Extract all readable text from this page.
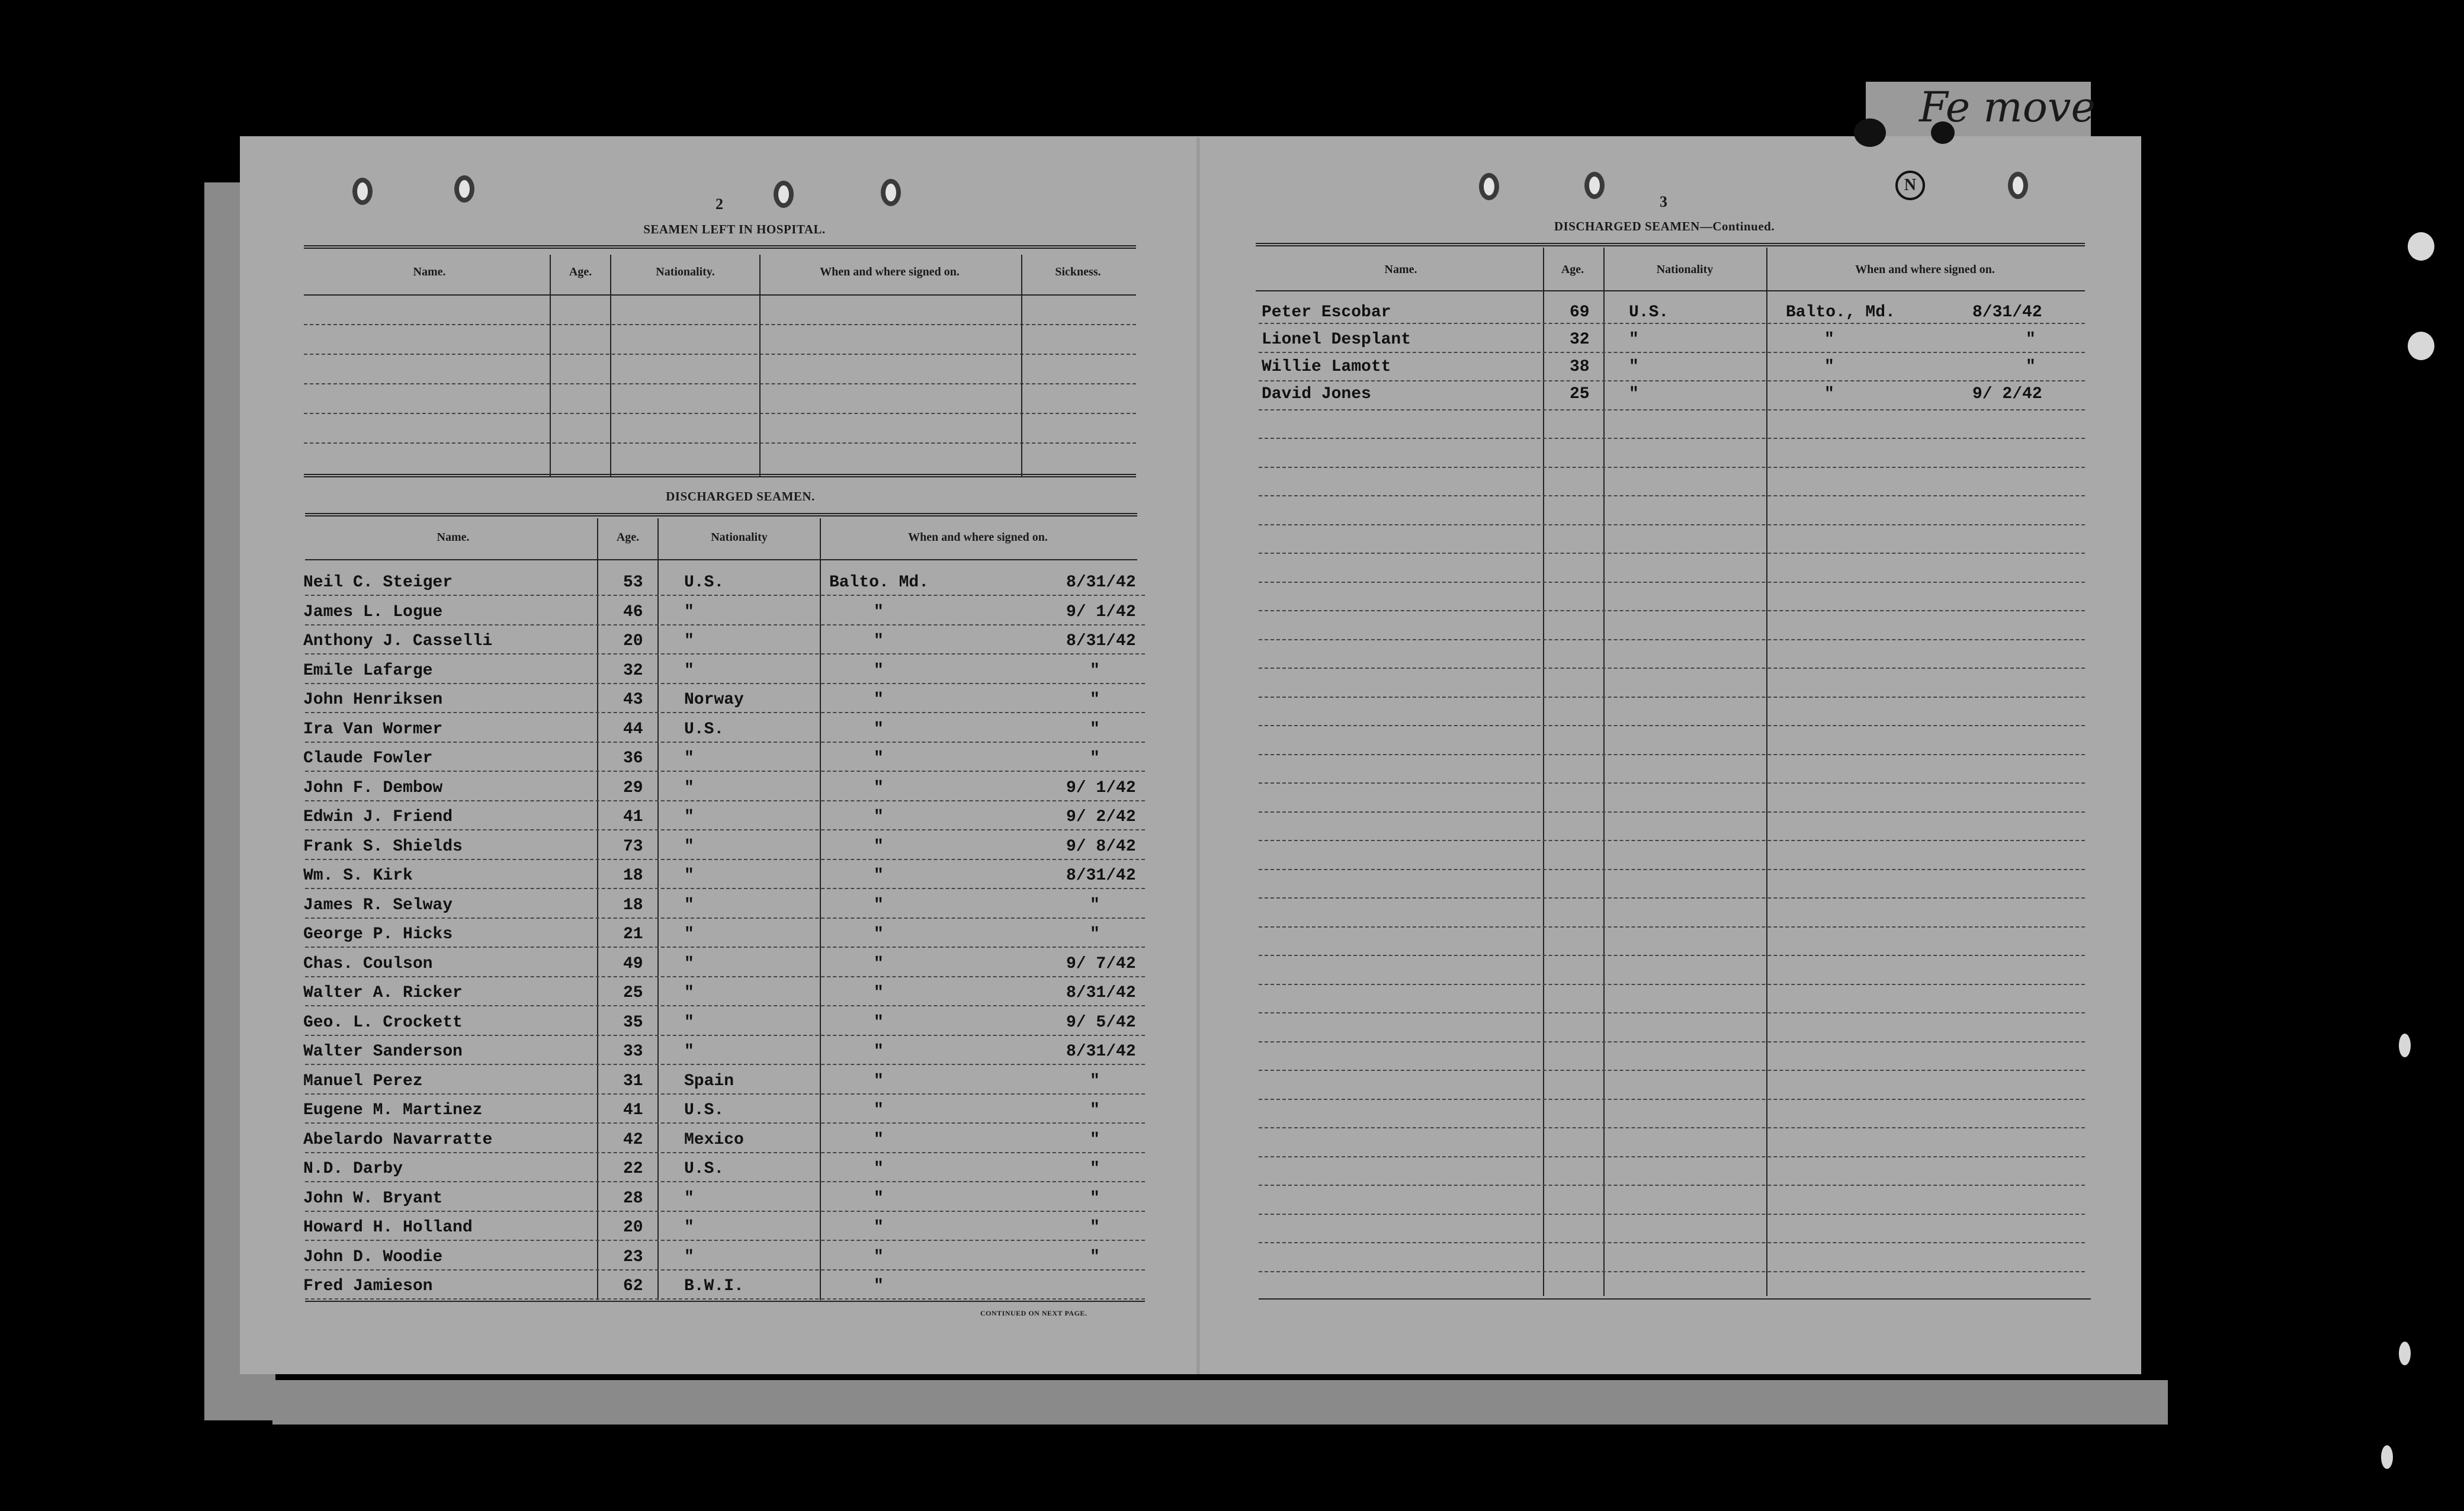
Fe move
N
2
SEAMEN LEFT IN HOSPITAL.
Name.	Age.	Nationality.	When and where signed on.	Sickness.
DISCHARGED SEAMEN.
Name.	Age.	Nationality	When and where signed on.
Neil C. Steiger	53 U.S.	Balto. Md.	8/31/42
James L. Logue	46 "	"	9/ 1/42
Anthony J. Casselli	20 "	"	8/31/42
Emile Lafarge	32 "	"	"
John Henriksen	43 Norway	"	"
Ira Van Wormer	44 U.S.	"	"
Claude Fowler	36 "	"	"
John F. Dembow	29 "	"	9/ 1/42
Edwin J. Friend	41 "	"	9/ 2/42
Frank S. Shields	73 "	"	9/ 8/42
Wm. S. Kirk	18 "	"	8/31/42
James R. Selway	18 "	"	"
George P. Hicks	21 "	"	"
Chas. Coulson	49 "	"	9/ 7/42
Walter A. Ricker	25 "	"	8/31/42
Geo. L. Crockett	35 "	"	9/ 5/42
Walter Sanderson	33 "	"	8/31/42
Manuel Perez	31 Spain	"	"
Eugene M. Martinez	41 U.S.	"	"
Abelardo Navarratte	42 Mexico	"	"
N.D. Darby	22 U.S.	"	"
John W. Bryant	28 "	"	"
Howard H. Holland	20 "	"	"
John D. Woodie	23 "	"	"
Fred Jamieson	62 B.W.I.	"
CONTINUED ON NEXT PAGE.
3
DISCHARGED SEAMEN—Continued.
Name.	Age.	Nationality	When and where signed on.
Peter Escobar	69 U.S.	Balto., Md.	8/31/42
Lionel Desplant	32 "	"	"
Willie Lamott	38 "	"	"
David Jones	25 "	"	9/ 2/42
